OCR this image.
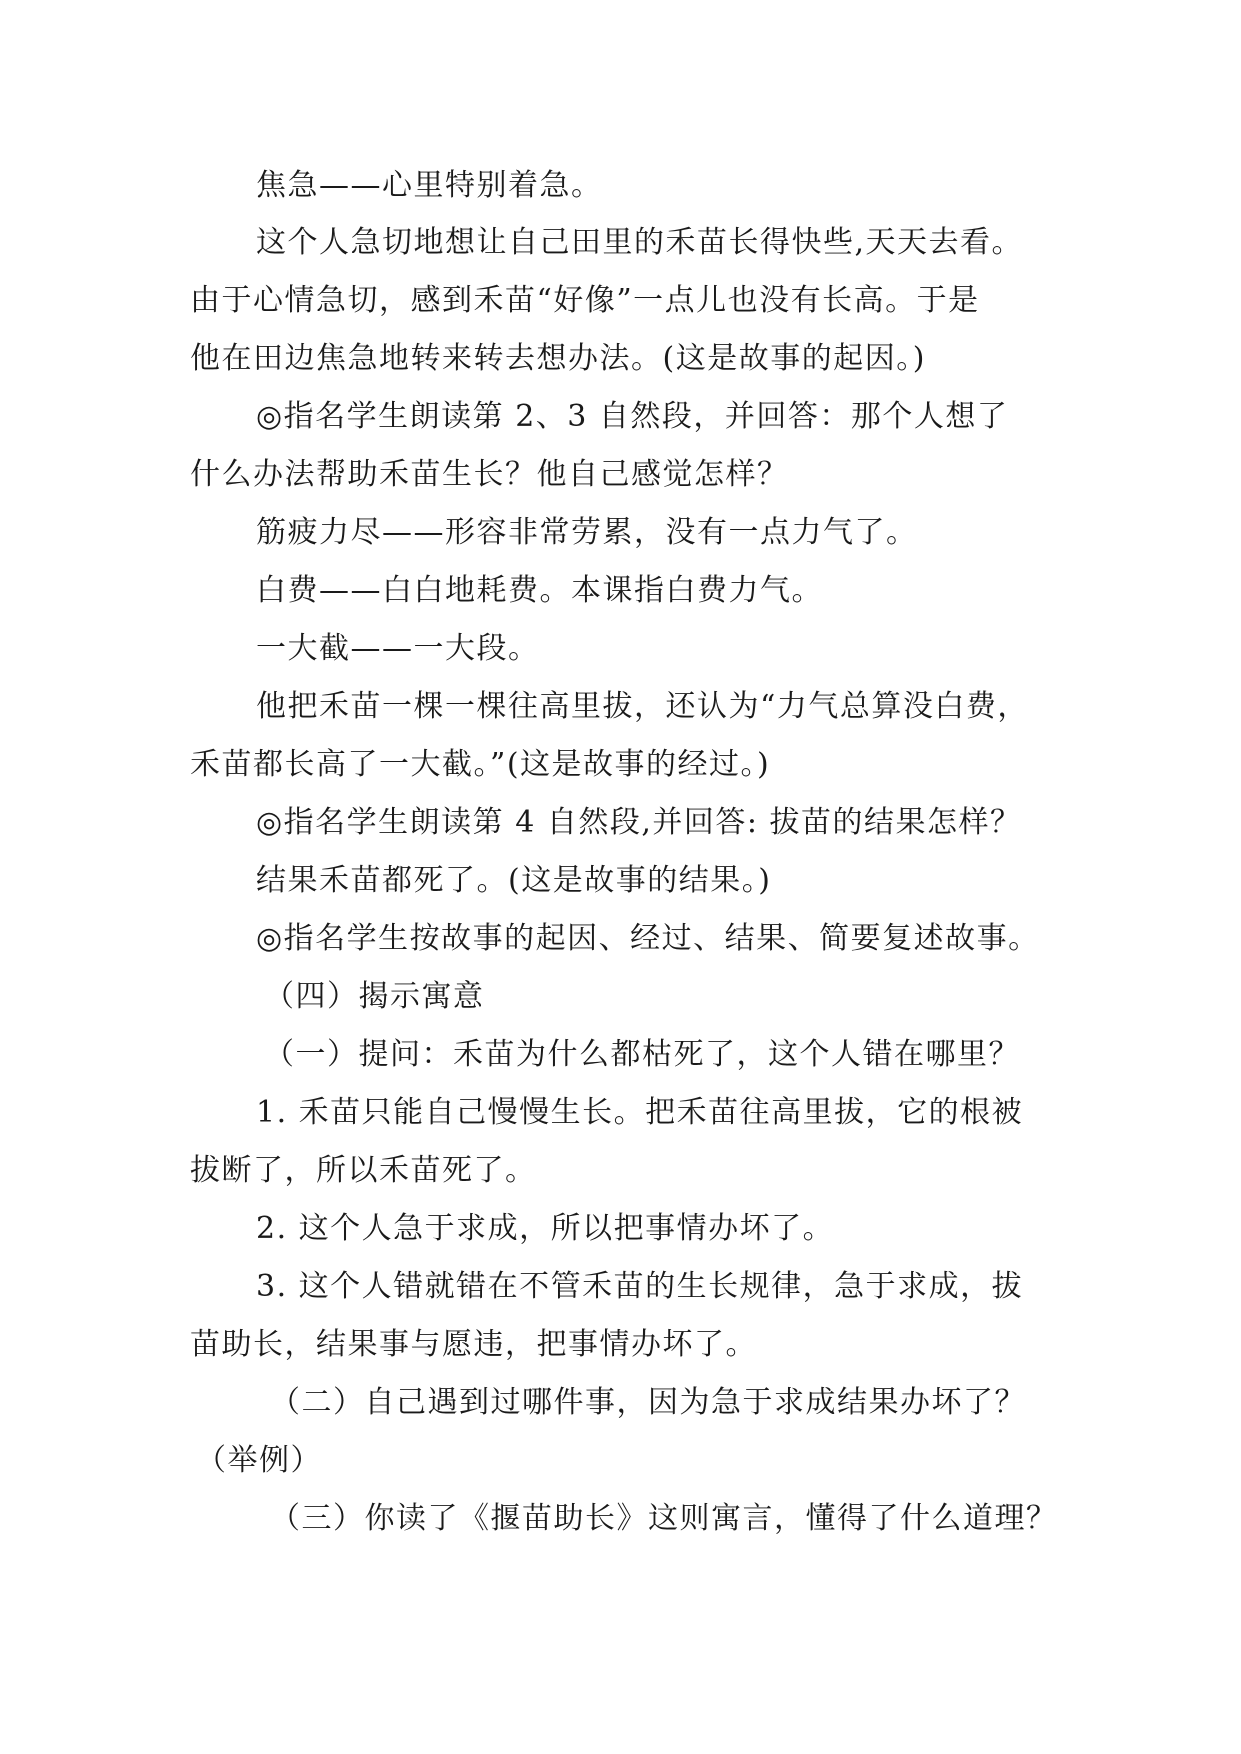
焦急——心里特别着急。
这个人急切地想让自己田里的禾苗长得快些,天天去看。
由于心情急切，感到禾苗“好像”一点儿也没有长高。于是
他在田边焦急地转来转去想办法。(这是故事的起因。)
◎指名学生朗读第 2、3 自然段，并回答：那个人想了
什么办法帮助禾苗生长？他自己感觉怎样？
筋疲力尽——形容非常劳累，没有一点力气了。
白费——白白地耗费。本课指白费力气。
一大截——一大段。
他把禾苗一棵一棵往高里拔，还认为“力气总算没白费，
禾苗都长高了一大截。”(这是故事的经过。)
◎指名学生朗读第 4 自然段,并回答: 拔苗的结果怎样？
结果禾苗都死了。(这是故事的结果。)
◎指名学生按故事的起因、经过、结果、简要复述故事。
（四）揭示寓意
（一）提问：禾苗为什么都枯死了，这个人错在哪里？
1. 禾苗只能自己慢慢生长。把禾苗往高里拔，它的根被
拔断了，所以禾苗死了。
2. 这个人急于求成，所以把事情办坏了。
3. 这个人错就错在不管禾苗的生长规律，急于求成，拔
苗助长，结果事与愿违，把事情办坏了。
（二）自己遇到过哪件事，因为急于求成结果办坏了？
（举例）
（三）你读了《揠苗助长》这则寓言，懂得了什么道理？
